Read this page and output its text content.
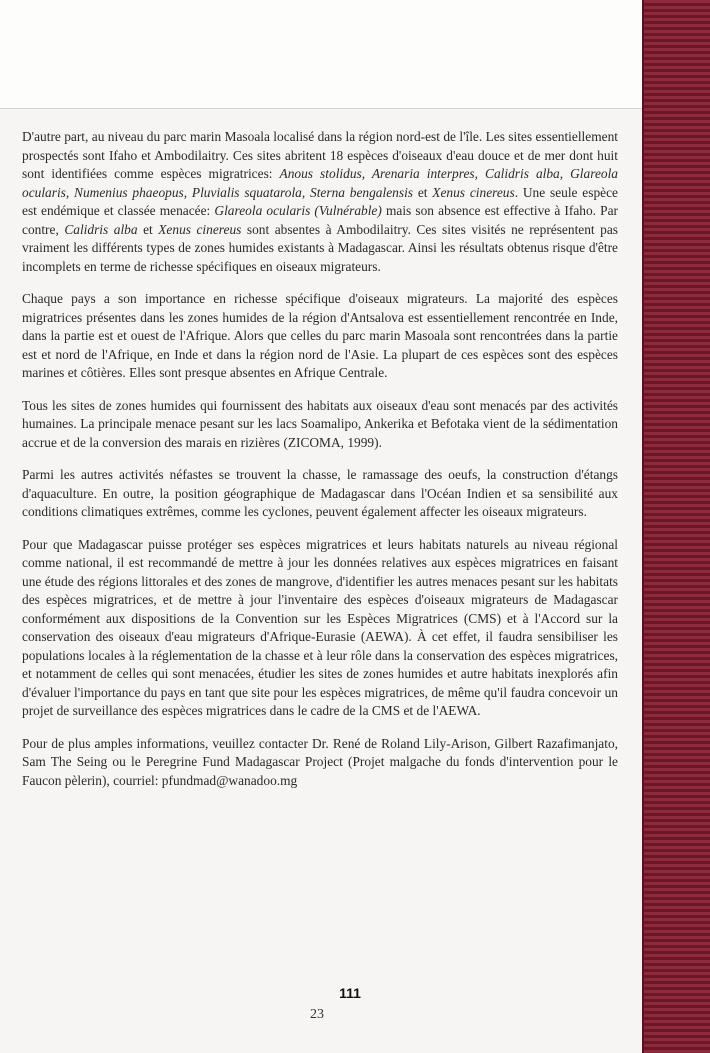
D'autre part, au niveau du parc marin Masoala localisé dans la région nord-est de l'île. Les sites essentiellement prospectés sont Ifaho et Ambodilaitry. Ces sites abritent 18 espèces d'oiseaux d'eau douce et de mer dont huit sont identifiées comme espèces migratrices: Anous stolidus, Arenaria interpres, Calidris alba, Glareola ocularis, Numenius phaeopus, Pluvialis squatarola, Sterna bengalensis et Xenus cinereus. Une seule espèce est endémique et classée menacée: Glareola ocularis (Vulnérable) mais son absence est effective à Ifaho. Par contre, Calidris alba et Xenus cinereus sont absentes à Ambodilaitry. Ces sites visités ne représentent pas vraiment les différents types de zones humides existants à Madagascar. Ainsi les résultats obtenus risque d'être incomplets en terme de richesse spécifiques en oiseaux migrateurs.

Chaque pays a son importance en richesse spécifique d'oiseaux migrateurs. La majorité des espèces migratrices présentes dans les zones humides de la région d'Antsalova est essentiellement rencontrée en Inde, dans la partie est et ouest de l'Afrique. Alors que celles du parc marin Masoala sont rencontrées dans la partie est et nord de l'Afrique, en Inde et dans la région nord de l'Asie. La plupart de ces espèces sont des espèces marines et côtières. Elles sont presque absentes en Afrique Centrale.

Tous les sites de zones humides qui fournissent des habitats aux oiseaux d'eau sont menacés par des activités humaines. La principale menace pesant sur les lacs Soamalipo, Ankerika et Befotaka vient de la sédimentation accrue et de la conversion des marais en rizières (ZICOMA, 1999).

Parmi les autres activités néfastes se trouvent la chasse, le ramassage des oeufs, la construction d'étangs d'aquaculture. En outre, la position géographique de Madagascar dans l'Océan Indien et sa sensibilité aux conditions climatiques extrêmes, comme les cyclones, peuvent également affecter les oiseaux migrateurs.

Pour que Madagascar puisse protéger ses espèces migratrices et leurs habitats naturels au niveau régional comme national, il est recommandé de mettre à jour les données relatives aux espèces migratrices en faisant une étude des régions littorales et des zones de mangrove, d'identifier les autres menaces pesant sur les habitats des espèces migratrices, et de mettre à jour l'inventaire des espèces d'oiseaux migrateurs de Madagascar conformément aux dispositions de la Convention sur les Espèces Migratrices (CMS) et à l'Accord sur la conservation des oiseaux d'eau migrateurs d'Afrique-Eurasie (AEWA). À cet effet, il faudra sensibiliser les populations locales à la réglementation de la chasse et à leur rôle dans la conservation des espèces migratrices, et notamment de celles qui sont menacées, étudier les sites de zones humides et autre habitats inexplorés afin d'évaluer l'importance du pays en tant que site pour les espèces migratrices, de même qu'il faudra concevoir un projet de surveillance des espèces migratrices dans le cadre de la CMS et de l'AEWA.

Pour de plus amples informations, veuillez contacter Dr. René de Roland Lily-Arison, Gilbert Razafimanjato, Sam The Seing ou le Peregrine Fund Madagascar Project (Projet malgache du fonds d'intervention pour le Faucon pèlerin), courriel: pfundmad@wanadoo.mg

111
23
